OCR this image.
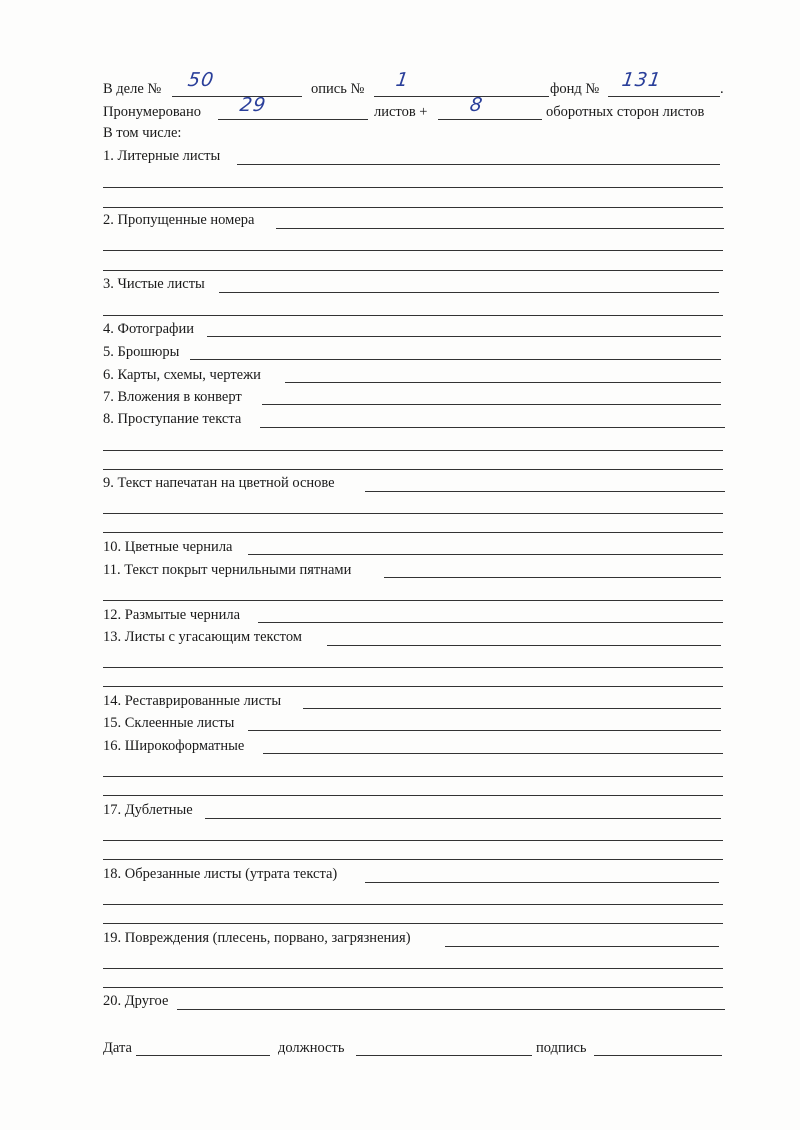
В деле № 50	опись № 1	фонд № 131	.
Пронумеровано 29	листов + 8	оборотных сторон листов
В том числе:
1. Литерные листы
2. Пропущенные номера
3. Чистые листы
4. Фотографии
5. Брошюры
6. Карты, схемы, чертежи
7. Вложения в конверт
8. Проступание текста
9. Текст напечатан на цветной основе
10. Цветные чернила
11. Текст покрыт чернильными пятнами
12. Размытые чернила
13. Листы с угасающим текстом
14. Реставрированные листы
15. Склеенные листы
16. Широкоформатные
17. Дублетные
18. Обрезанные листы (утрата текста)
19. Повреждения (плесень, порвано, загрязнения)
20. Другое
Дата	должность	подпись
